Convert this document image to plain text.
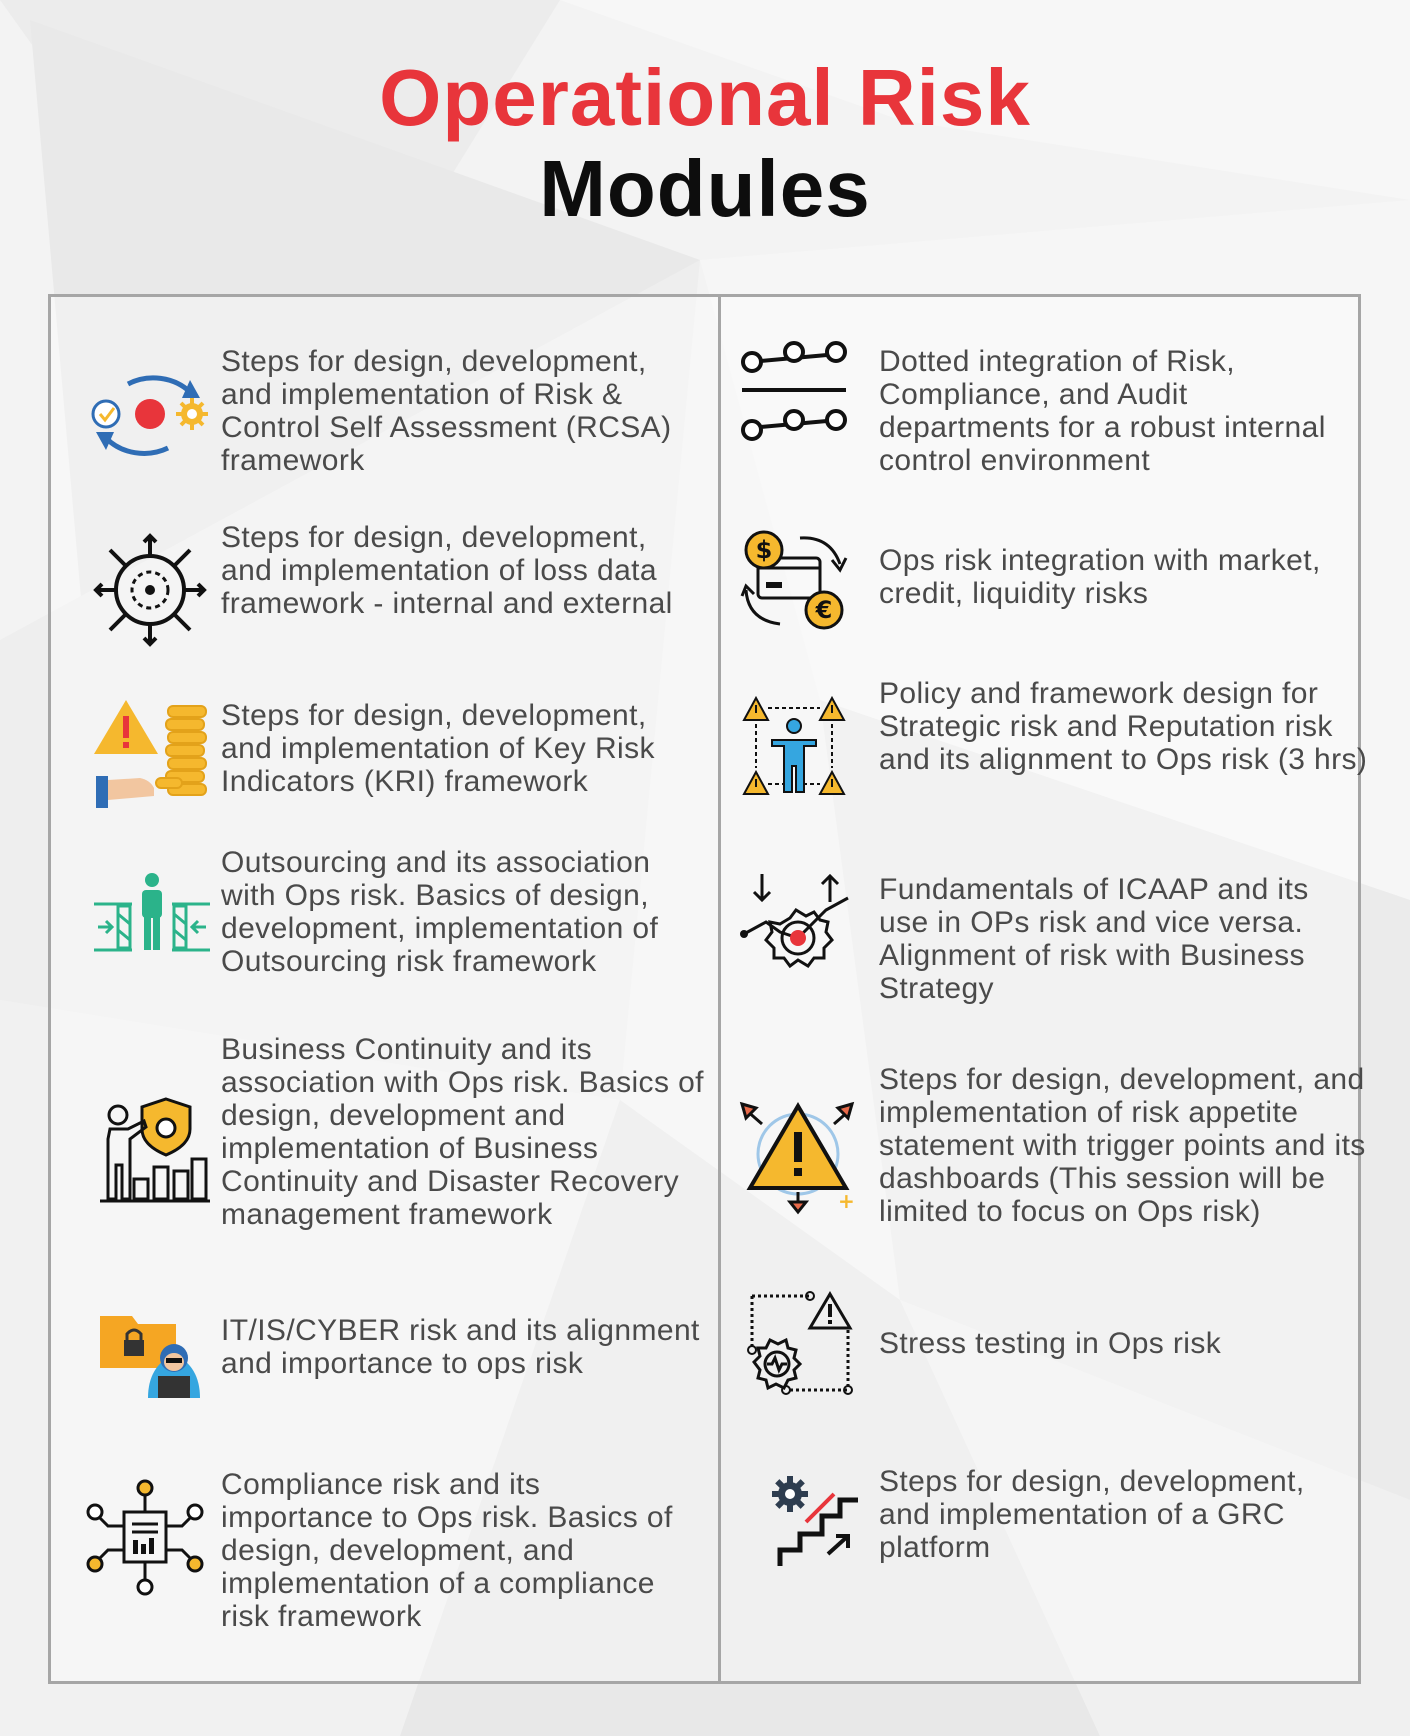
Operational Risk
Modules
Steps for design, development, and implementation of Risk & Control Self Assessment (RCSA) framework
Steps for design, development, and implementation of loss data framework - internal and external
Steps for design, development, and implementation of Key Risk Indicators (KRI) framework
Outsourcing and its association with Ops risk. Basics of design, development, implementation of Outsourcing risk framework
Business Continuity and its association with Ops risk. Basics of design, development and implementation of Business Continuity and Disaster Recovery management framework
IT/IS/CYBER risk and its alignment and importance to ops risk
Compliance risk and its importance to Ops risk. Basics of design, development, and implementation of a compliance risk framework
Dotted integration of Risk, Compliance, and Audit departments for a robust internal control environment
$
€
Ops risk integration with market, credit, liquidity risks
Policy and framework design for Strategic risk and Reputation risk and its alignment to Ops risk (3 hrs)
Fundamentals of ICAAP and its use in OPs risk and vice versa. Alignment of risk with Business Strategy
+
Steps for design, development, and implementation of risk appetite statement with trigger points and its dashboards (This session will be limited to focus on Ops risk)
Stress testing in Ops risk
Steps for design, development, and implementation of a GRC platform
